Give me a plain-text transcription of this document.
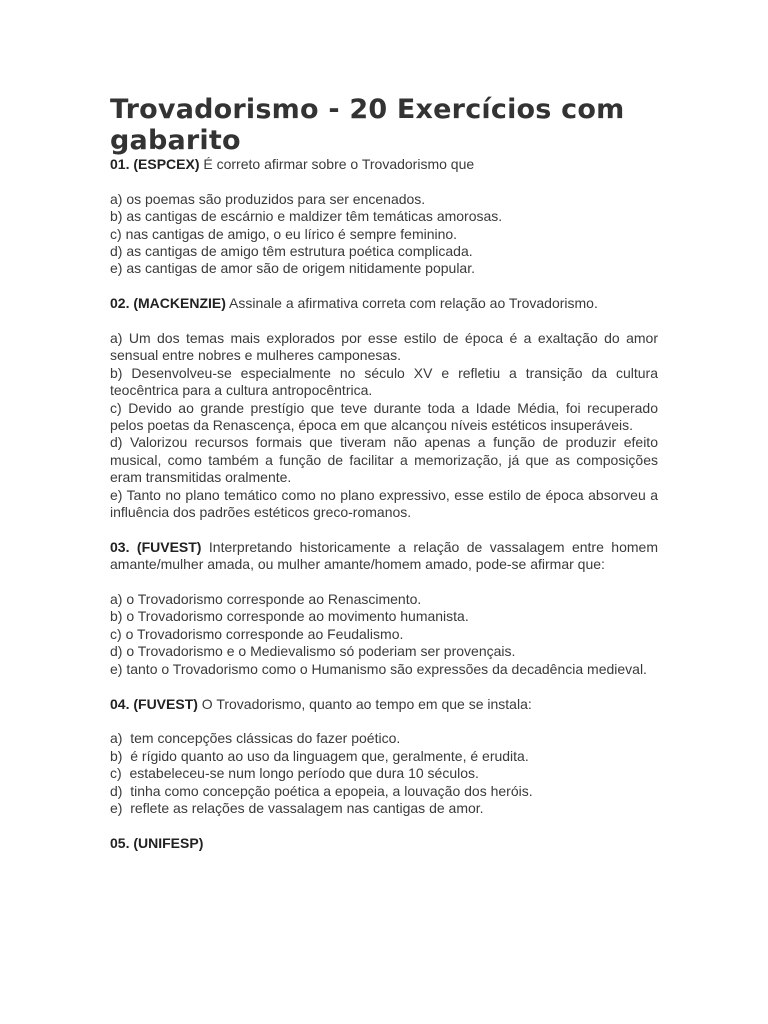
Trovadorismo - 20 Exercícios com gabarito

01. (ESPCEX) É correto afirmar sobre o Trovadorismo que

a) os poemas são produzidos para ser encenados.

b) as cantigas de escárnio e maldizer têm temáticas amorosas.

c) nas cantigas de amigo, o eu lírico é sempre feminino.

d) as cantigas de amigo têm estrutura poética complicada.

e) as cantigas de amor são de origem nitidamente popular.

02. (MACKENZIE) Assinale a afirmativa correta com relação ao Trovadorismo.

a) Um dos temas mais explorados por esse estilo de época é a exaltação do amor sensual entre nobres e mulheres camponesas.

b) Desenvolveu-se especialmente no século XV e refletiu a transição da cultura teocêntrica para a cultura antropocêntrica.

c) Devido ao grande prestígio que teve durante toda a Idade Média, foi recuperado pelos poetas da Renascença, época em que alcançou níveis estéticos insuperáveis.

d) Valorizou recursos formais que tiveram não apenas a função de produzir efeito musical, como também a função de facilitar a memorização, já que as composições eram transmitidas oralmente.

e) Tanto no plano temático como no plano expressivo, esse estilo de época absorveu a influência dos padrões estéticos greco-romanos.

03. (FUVEST) Interpretando historicamente a relação de vassalagem entre homem amante/mulher amada, ou mulher amante/homem amado, pode-se afirmar que:

a) o Trovadorismo corresponde ao Renascimento.

b) o Trovadorismo corresponde ao movimento humanista.

c) o Trovadorismo corresponde ao Feudalismo.

d) o Trovadorismo e o Medievalismo só poderiam ser provençais.

e) tanto o Trovadorismo como o Humanismo são expressões da decadência medieval.

04. (FUVEST) O Trovadorismo, quanto ao tempo em que se instala:

a)  tem concepções clássicas do fazer poético.

b)  é rígido quanto ao uso da linguagem que, geralmente, é erudita.

c)  estabeleceu-se num longo período que dura 10 séculos.

d)  tinha como concepção poética a epopeia, a louvação dos heróis.

e)  reflete as relações de vassalagem nas cantigas de amor.

05. (UNIFESP)
